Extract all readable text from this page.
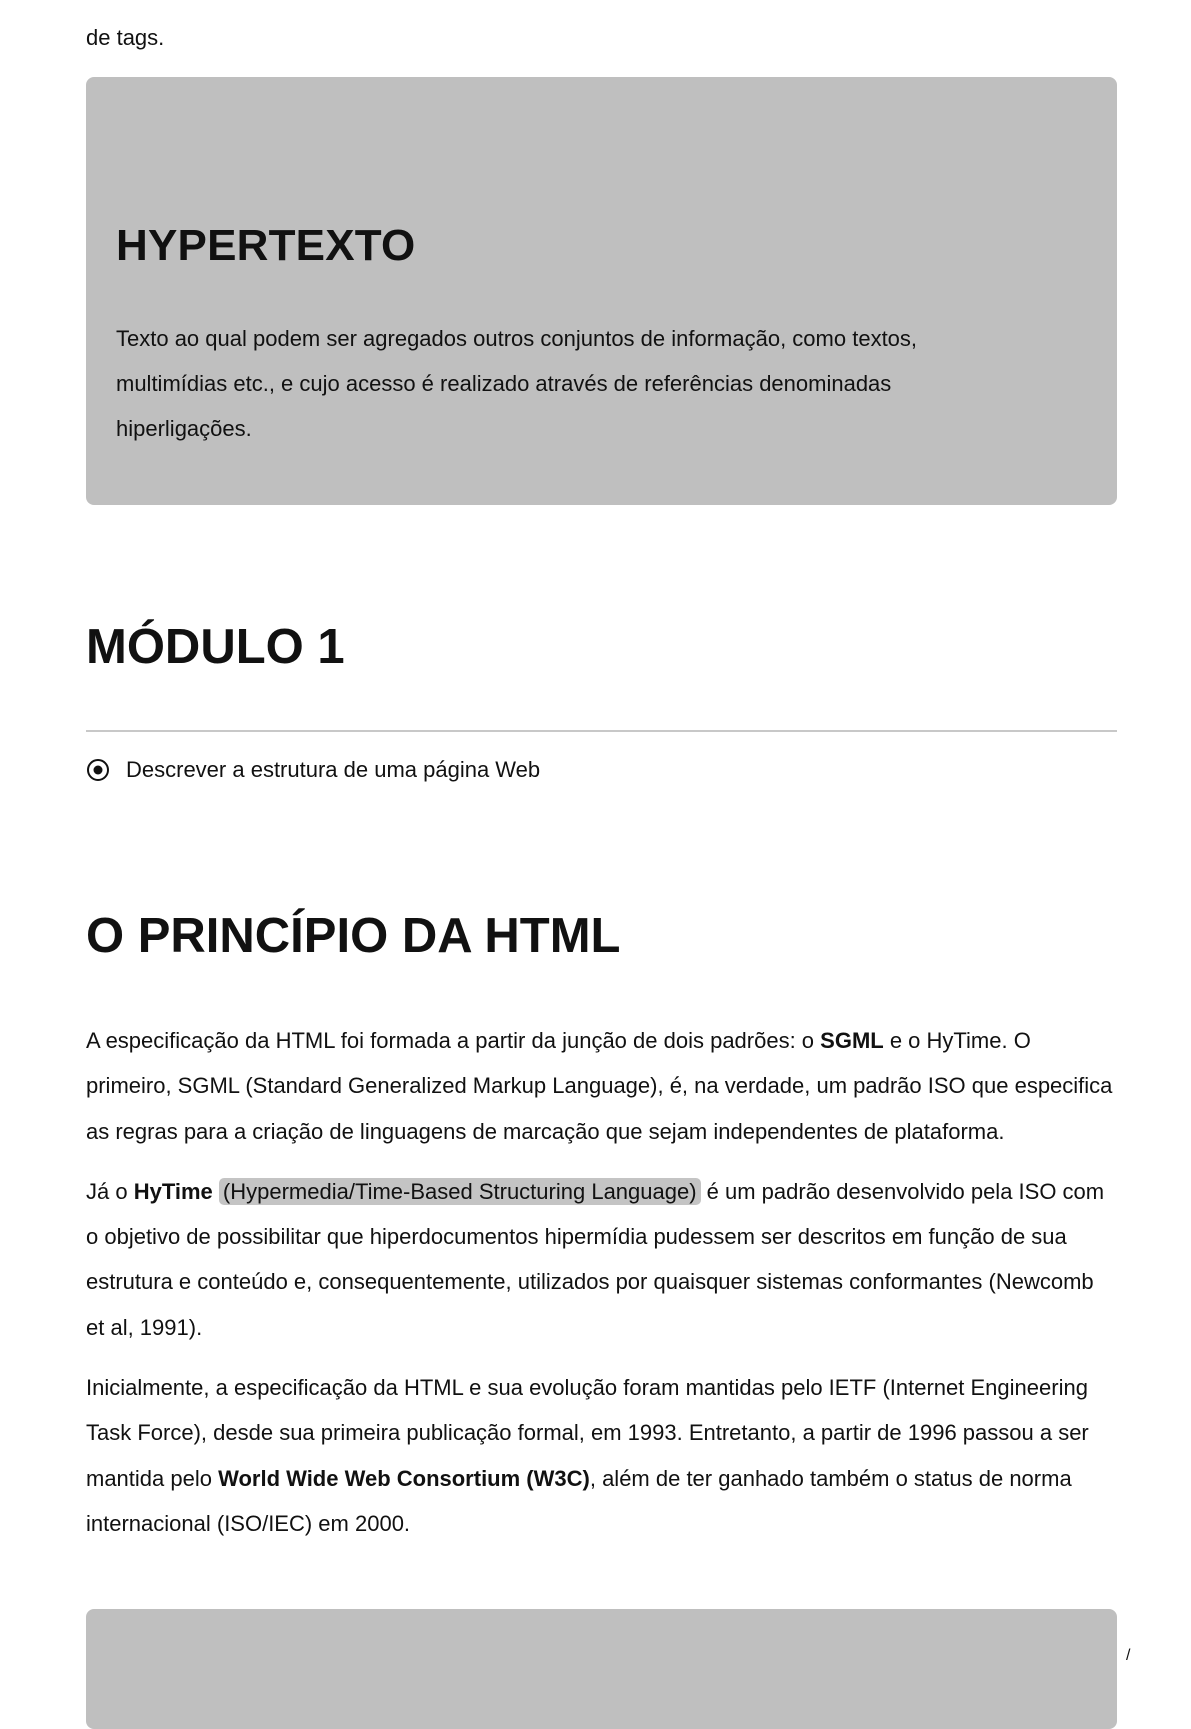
de tags.

HYPERTEXTO

Texto ao qual podem ser agregados outros conjuntos de informação, como textos, multimídias etc., e cujo acesso é realizado através de referências denominadas hiperligações.

MÓDULO 1
Descrever a estrutura de uma página Web
O PRINCÍPIO DA HTML

A especificação da HTML foi formada a partir da junção de dois padrões: o SGML e o HyTime. O primeiro, SGML (Standard Generalized Markup Language), é, na verdade, um padrão ISO que especifica as regras para a criação de linguagens de marcação que sejam independentes de plataforma.

Já o HyTime (Hypermedia/Time-Based Structuring Language) é um padrão desenvolvido pela ISO com o objetivo de possibilitar que hiperdocumentos hipermídia pudessem ser descritos em função de sua estrutura e conteúdo e, consequentemente, utilizados por quaisquer sistemas conformantes (Newcomb et al, 1991).

Inicialmente, a especificação da HTML e sua evolução foram mantidas pelo IETF (Internet Engineering Task Force), desde sua primeira publicação formal, em 1993. Entretanto, a partir de 1996 passou a ser mantida pelo World Wide Web Consortium (W3C), além de ter ganhado também o status de norma internacional (ISO/IEC) em 2000.

/
